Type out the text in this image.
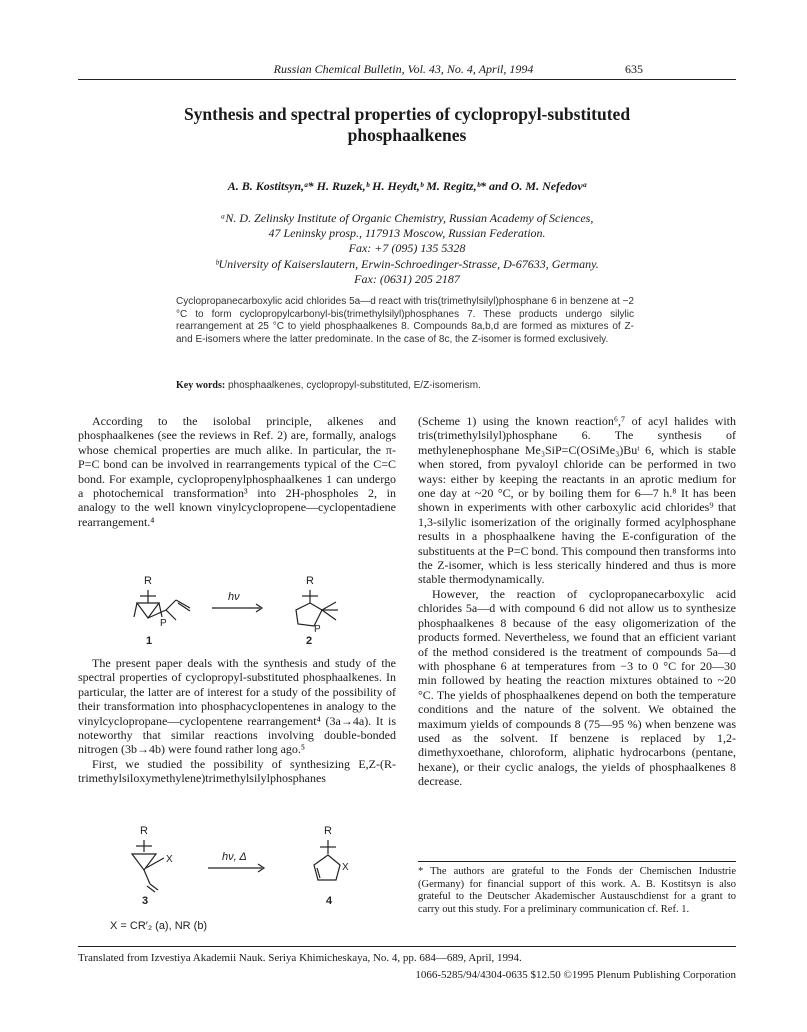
Russian Chemical Bulletin, Vol. 43, No. 4, April, 1994	635
Synthesis and spectral properties of cyclopropyl-substituted
phosphaalkenes
A. B. Kostitsyn,ᵃ* H. Ruzek,ᵇ H. Heydt,ᵇ M. Regitz,ᵇ* and O. M. Nefedovᵃ
ᵃN. D. Zelinsky Institute of Organic Chemistry, Russian Academy of Sciences,
47 Leninsky prosp., 117913 Moscow, Russian Federation.
Fax: +7 (095) 135 5328
ᵇUniversity of Kaiserslautern, Erwin-Schroedinger-Strasse, D-67633, Germany.
Fax: (0631) 205 2187
Cyclopropanecarboxylic acid chlorides 5a—d react with tris(trimethylsilyl)phosphane 6 in benzene at −2 °C to form cyclopropylcarbonyl-bis(trimethylsilyl)phosphanes 7. These products undergo silylic rearrangement at 25 °C to yield phosphaalkenes 8. Compounds 8a,b,d are formed as mixtures of Z- and E-isomers where the latter predominate. In the case of 8c, the Z-isomer is formed exclusively.
Key words: phosphaalkenes, cyclopropyl-substituted, E/Z-isomerism.

According to the isolobal principle, alkenes and phosphaalkenes (see the reviews in Ref. 2) are, formally, analogs whose chemical properties are much alike. In particular, the π-P=C bond can be involved in rearrangements typical of the C=C bond. For example, cyclopropenylphosphaalkenes 1 can undergo a photochemical transformation³ into 2H-phospholes 2, in analogy to the well known vinylcyclopropene—cyclopentadiene rearrangement.⁴

R	R
P
P
hν
1	2

The present paper deals with the synthesis and study of the spectral properties of cyclopropyl-substituted phosphaalkenes. In particular, the latter are of interest for a study of the possibility of their transformation into phosphacyclopentenes in analogy to the vinylcyclopropane—cyclopentene rearrangement⁴ (3a→4a). It is noteworthy that similar reactions involving double-bonded nitrogen (3b→4b) were found rather long ago.⁵

First, we studied the possibility of synthesizing E,Z-(R-trimethylsiloxymethylene)trimethylsilylphosphanes

R	R
X
X
hν, Δ
3	4
X = CR′₂ (a), NR (b)

(Scheme 1) using the known reaction⁶,⁷ of acyl halides with tris(trimethylsilyl)phosphane 6. The synthesis of methylenephosphane Me₃SiP=C(OSiMe₃)Buᵗ 6, which is stable when stored, from pyvaloyl chloride can be performed in two ways: either by keeping the reactants in an aprotic medium for one day at ~20 °C, or by boiling them for 6—7 h.⁸ It has been shown in experiments with other carboxylic acid chlorides⁹ that 1,3-silylic isomerization of the originally formed acylphosphane results in a phosphaalkene having the E-configuration of the substituents at the P=C bond. This compound then transforms into the Z-isomer, which is less sterically hindered and thus is more stable thermodynamically.

However, the reaction of cyclopropanecarboxylic acid chlorides 5a—d with compound 6 did not allow us to synthesize phosphaalkenes 8 because of the easy oligomerization of the products formed. Nevertheless, we found that an efficient variant of the method considered is the treatment of compounds 5a—d with phosphane 6 at temperatures from −3 to 0 °C for 20—30 min followed by heating the reaction mixtures obtained to ~20 °C. The yields of phosphaalkenes depend on both the temperature conditions and the nature of the solvent. We obtained the maximum yields of compounds 8 (75—95 %) when benzene was used as the solvent. If benzene is replaced by 1,2-dimethyxoethane, chloroform, aliphatic hydrocarbons (pentane, hexane), or their cyclic analogs, the yields of phosphaalkenes 8 decrease.

* The authors are grateful to the Fonds der Chemischen Industrie (Germany) for financial support of this work. A. B. Kostitsyn is also grateful to the Deutscher Akademischer Austauschdienst for a grant to carry out this study. For a preliminary communication cf. Ref. 1.
Translated from Izvestiya Akademii Nauk. Seriya Khimicheskaya, No. 4, pp. 684—689, April, 1994.
1066-5285/94/4304-0635 $12.50 ©1995 Plenum Publishing Corporation
